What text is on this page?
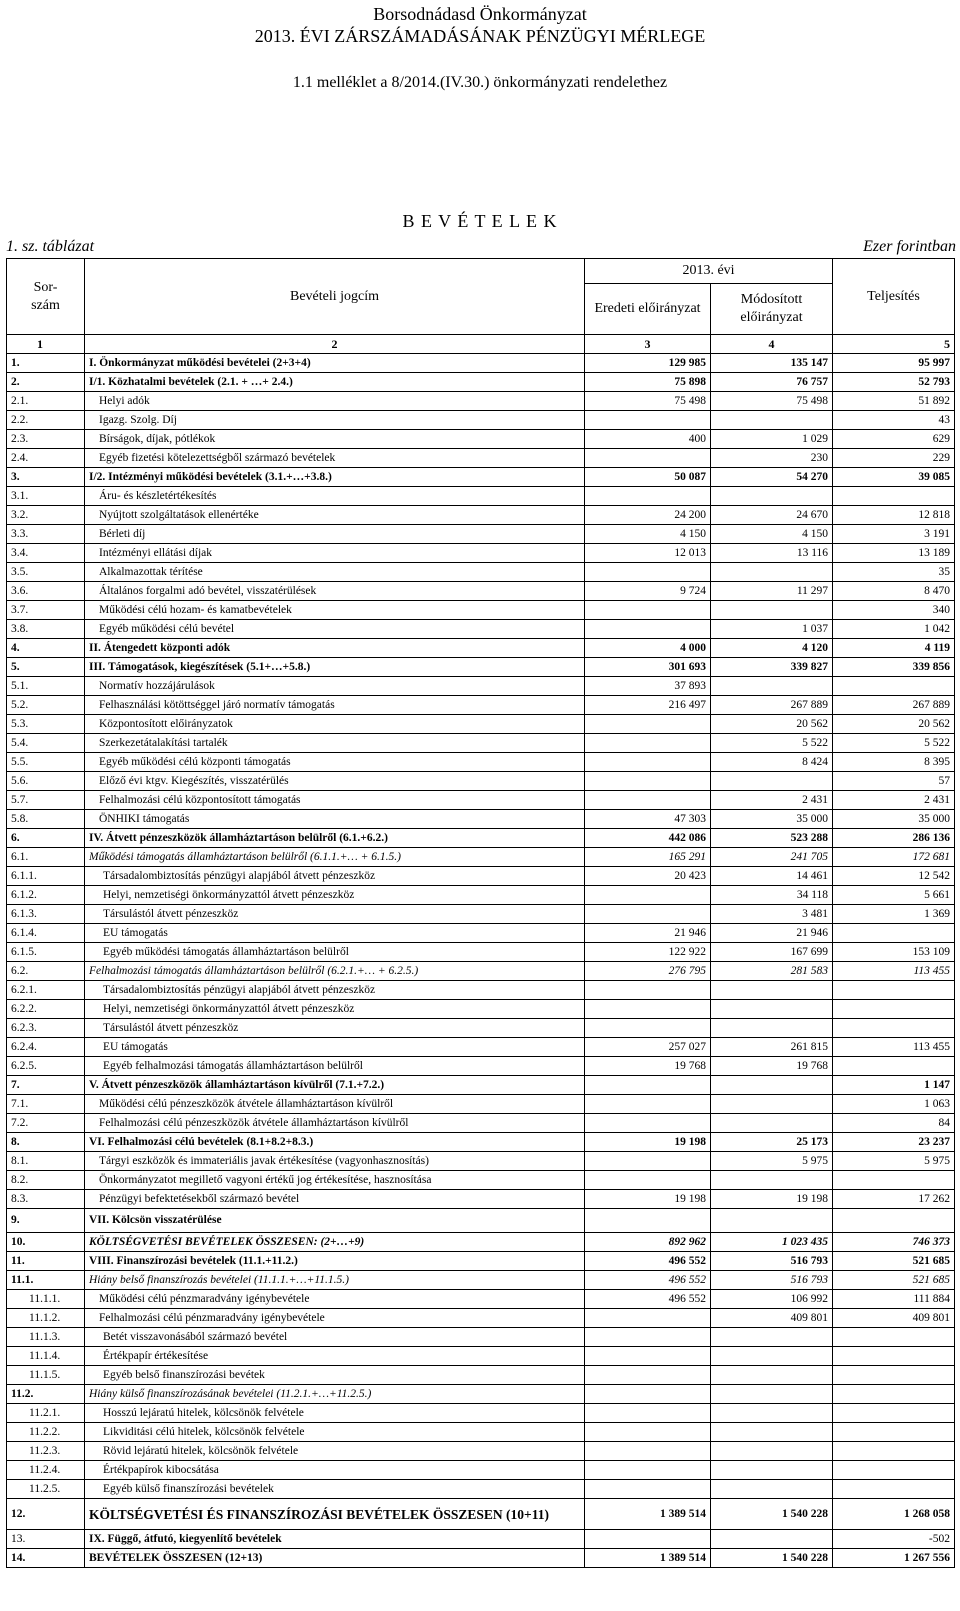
Borsodnádasd Önkormányzat
2013. ÉVI ZÁRSZÁMADÁSÁNAK PÉNZÜGYI MÉRLEGE
1.1 melléklet a 8/2014.(IV.30.) önkormányzati rendelethez
B E V É T E L E K
1. sz. táblázat	Ezer forintban
Sor-
szám	Bevételi jogcím	2013. évi		Teljesítés
		Eredeti előirányzat	Módosított előirányzat	
1	2	3	4	5
1.	I. Önkormányzat működési bevételei (2+3+4)	129 985	135 147	95 997
2.	I/1. Közhatalmi bevételek (2.1. + …+ 2.4.)	75 898	76 757	52 793
2.1.	Helyi adók	75 498	75 498	51 892
2.2.	Igazg. Szolg. Díj			43
2.3.	Bírságok, díjak, pótlékok	400	1 029	629
2.4.	Egyéb fizetési kötelezettségből származó bevételek		230	229
3.	I/2. Intézményi működési bevételek (3.1.+…+3.8.)	50 087	54 270	39 085
3.1.	Áru- és készletértékesítés			
3.2.	Nyújtott szolgáltatások ellenértéke	24 200	24 670	12 818
3.3.	Bérleti díj	4 150	4 150	3 191
3.4.	Intézményi ellátási díjak	12 013	13 116	13 189
3.5.	Alkalmazottak térítése			35
3.6.	Általános forgalmi adó bevétel, visszatérülések	9 724	11 297	8 470
3.7.	Működési célú hozam- és kamatbevételek			340
3.8.	Egyéb működési célú bevétel		1 037	1 042
4.	II. Átengedett központi adók	4 000	4 120	4 119
5.	III. Támogatások, kiegészítések (5.1+…+5.8.)	301 693	339 827	339 856
5.1.	Normatív hozzájárulások	37 893		
5.2.	Felhasználási kötöttséggel járó normatív támogatás	216 497	267 889	267 889
5.3.	Központosított előirányzatok		20 562	20 562
5.4.	Szerkezetátalakítási tartalék		5 522	5 522
5.5.	Egyéb működési célú központi támogatás		8 424	8 395
5.6.	Előző évi ktgv. Kiegészítés, visszatérülés			57
5.7.	Felhalmozási célú központosított támogatás		2 431	2 431
5.8.	ÖNHIKI támogatás	47 303	35 000	35 000
6.	IV. Átvett pénzeszközök államháztartáson belülről (6.1.+6.2.)	442 086	523 288	286 136
6.1.	Működési támogatás államháztartáson belülről (6.1.1.+… + 6.1.5.)	165 291	241 705	172 681
6.1.1.	Társadalombiztosítás pénzügyi alapjából átvett pénzeszköz	20 423	14 461	12 542
6.1.2.	Helyi, nemzetiségi önkormányzattól átvett pénzeszköz		34 118	5 661
6.1.3.	Társulástól átvett pénzeszköz		3 481	1 369
6.1.4.	EU támogatás	21 946	21 946	
6.1.5.	Egyéb működési támogatás államháztartáson belülről	122 922	167 699	153 109
6.2.	Felhalmozási támogatás államháztartáson belülről (6.2.1.+… + 6.2.5.)	276 795	281 583	113 455
6.2.1.	Társadalombiztosítás pénzügyi alapjából átvett pénzeszköz			
6.2.2.	Helyi, nemzetiségi önkormányzattól átvett pénzeszköz			
6.2.3.	Társulástól átvett pénzeszköz			
6.2.4.	EU támogatás	257 027	261 815	113 455
6.2.5.	Egyéb felhalmozási támogatás államháztartáson belülről	19 768	19 768	
7.	V. Átvett pénzeszközök államháztartáson kívülről (7.1.+7.2.)			1 147
7.1.	Működési célú pénzeszközök átvétele államháztartáson kívülről			1 063
7.2.	Felhalmozási célú pénzeszközök átvétele államháztartáson kívülről			84
8.	VI. Felhalmozási célú bevételek (8.1+8.2+8.3.)	19 198	25 173	23 237
8.1.	Tárgyi eszközök és immateriális javak értékesítése (vagyonhasznosítás)		5 975	5 975
8.2.	Önkormányzatot megillető vagyoni értékű jog értékesítése, hasznosítása			
8.3.	Pénzügyi befektetésekből származó bevétel	19 198	19 198	17 262
9.	VII. Kölcsön visszatérülése			
10.	KÖLTSÉGVETÉSI BEVÉTELEK ÖSSZESEN: (2+…+9)	892 962	1 023 435	746 373
11.	VIII. Finanszírozási bevételek (11.1.+11.2.)	496 552	516 793	521 685
11.1.	Hiány belső finanszírozás bevételei (11.1.1.+…+11.1.5.)	496 552	516 793	521 685
11.1.1.	Működési célú pénzmaradvány igénybevétele	496 552	106 992	111 884
11.1.2.	Felhalmozási célú pénzmaradvány igénybevétele		409 801	409 801
11.1.3.	Betét visszavonásából származó bevétel			
11.1.4.	Értékpapír értékesítése			
11.1.5.	Egyéb belső finanszírozási bevétek			
11.2.	Hiány külső finanszírozásának bevételei (11.2.1.+…+11.2.5.)			
11.2.1.	Hosszú lejáratú hitelek, kölcsönök felvétele			
11.2.2.	Likviditási célú hitelek, kölcsönök felvétele			
11.2.3.	Rövid lejáratú hitelek, kölcsönök felvétele			
11.2.4.	Értékpapírok kibocsátása			
11.2.5.	Egyéb külső finanszírozási bevételek			
12.	KÖLTSÉGVETÉSI ÉS FINANSZÍROZÁSI BEVÉTELEK ÖSSZESEN (10+11)	1 389 514	1 540 228	1 268 058
13.	IX. Függő, átfutó, kiegyenlítő bevételek			-502
14.	BEVÉTELEK ÖSSZESEN (12+13)	1 389 514	1 540 228	1 267 556
